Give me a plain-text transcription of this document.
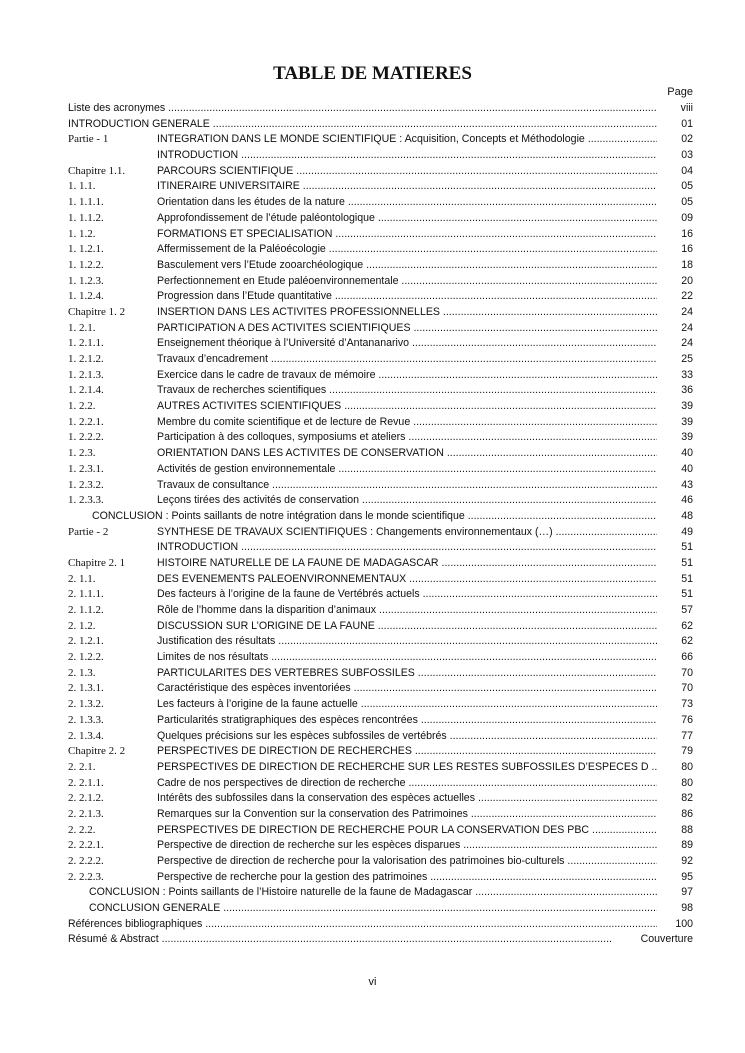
TABLE DE MATIERES
Page
Liste des acronymes .....	viii
INTRODUCTION GENERALE .....	01
Partie - 1	INTEGRATION DANS LE MONDE SCIENTIFIQUE : Acquisition, Concepts et Méthodologie .....	02
INTRODUCTION .....	03
Chapitre 1.1.	PARCOURS SCIENTIFIQUE .....	04
1. 1.1.	ITINERAIRE UNIVERSITAIRE .....	05
1. 1.1.1.	Orientation dans les études de la nature .....	05
1. 1.1.2.	Approfondissement de l’étude paléontologique .....	09
1. 1.2.	FORMATIONS ET SPECIALISATION .....	16
1. 1.2.1.	Affermissement de la Paléoécologie .....	16
1. 1.2.2.	Basculement vers l’Etude zooarchéologique .....	18
1. 1.2.3.	Perfectionnement en Etude paléoenvironnementale .....	20
1. 1.2.4.	Progression dans l’Etude quantitative .....	22
Chapitre 1. 2	INSERTION DANS LES ACTIVITES PROFESSIONNELLES .....	24
1. 2.1.	PARTICIPATION A DES ACTIVITES SCIENTIFIQUES .....	24
1. 2.1.1.	Enseignement théorique à l’Université d’Antananarivo .....	24
1. 2.1.2.	Travaux d’encadrement .....	25
1. 2.1.3.	Exercice dans le cadre de travaux de mémoire .....	33
1. 2.1.4.	Travaux de recherches scientifiques .....	36
1. 2.2.	AUTRES ACTIVITES SCIENTIFIQUES .....	39
1. 2.2.1.	Membre du comite scientifique et de lecture de Revue .....	39
1. 2.2.2.	Participation à des colloques, symposiums et ateliers .....	39
1. 2.3.	ORIENTATION DANS LES ACTIVITES DE CONSERVATION .....	40
1. 2.3.1.	Activités de gestion environnementale .....	40
1. 2.3.2.	Travaux de consultance .....	43
1. 2.3.3.	Leçons tirées des activités de conservation .....	46
CONCLUSION : Points saillants de notre intégration dans le monde scientifique .....	48
Partie - 2	SYNTHESE DE TRAVAUX SCIENTIFIQUES : Changements environnementaux (…) .....	49
INTRODUCTION .....	51
Chapitre 2. 1	HISTOIRE NATURELLE DE LA FAUNE DE MADAGASCAR .....	51
2. 1.1.	DES EVENEMENTS PALEOENVIRONNEMENTAUX .....	51
2. 1.1.1.	Des facteurs à l’origine de la faune de Vertébrés actuels .....	51
2. 1.1.2.	Rôle de l’homme dans la disparition d’animaux .....	57
2. 1.2.	DISCUSSION SUR L’ORIGINE DE LA FAUNE .....	62
2. 1.2.1.	Justification des résultats .....	62
2. 1.2.2.	Limites de nos résultats .....	66
2. 1.3.	PARTICULARITES DES VERTEBRES SUBFOSSILES .....	70
2. 1.3.1.	Caractéristique des espèces inventoriées .....	70
2. 1.3.2.	Les facteurs à l’origine de la faune actuelle .....	73
2. 1.3.3.	Particularités stratigraphiques des espèces rencontrées .....	76
2. 1.3.4.	Quelques précisions sur les espèces subfossiles de vertébrés .....	77
Chapitre 2. 2	PERSPECTIVES DE DIRECTION DE RECHERCHES .....	79
2. 2.1.	PERSPECTIVES DE DIRECTION DE RECHERCHE SUR LES RESTES SUBFOSSILES D’ESPECES D .....	80
2. 2.1.1.	Cadre de nos perspectives de direction de recherche .....	80
2. 2.1.2.	Intérêts des subfossiles dans la conservation des espèces actuelles .....	82
2. 2.1.3.	Remarques sur la Convention sur la conservation des Patrimoines .....	86
2. 2.2.	PERSPECTIVES DE DIRECTION DE RECHERCHE POUR LA CONSERVATION DES PBC .....	88
2. 2.2.1.	Perspective de direction de recherche sur les espèces disparues .....	89
2. 2.2.2.	Perspective de direction de recherche pour la valorisation des patrimoines bio-culturels .....	92
2. 2.2.3.	Perspective de recherche pour la gestion des patrimoines .....	95
CONCLUSION : Points saillants de l’Histoire naturelle de la faune de Madagascar .....	97
CONCLUSION GENERALE .....	98
Références bibliographiques .....	100
Résumé & Abstract .....	Couverture
vi
